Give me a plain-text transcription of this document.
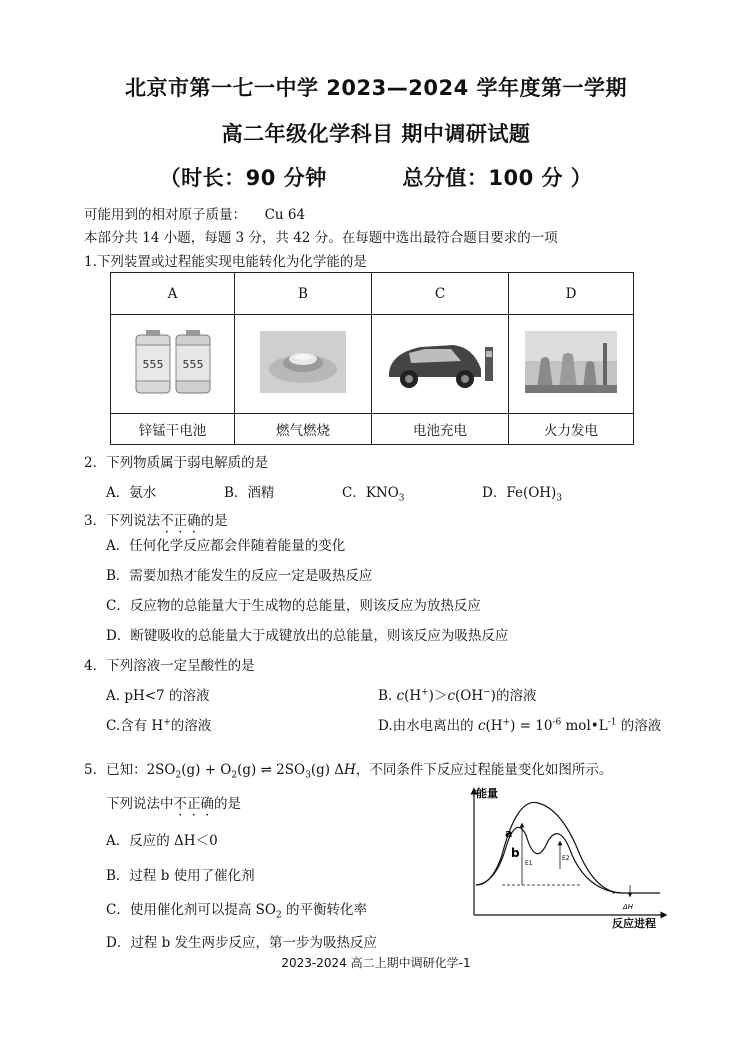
北京市第一七一中学 2023—2024 学年度第一学期
高二年级化学科目 期中调研试题
（时长：90 分钟	总分值：100 分 ）
可能用到的相对原子质量： Cu 64
本部分共 14 小题，每题 3 分，共 42 分。在每题中选出最符合题目要求的一项
1.下列装置或过程能实现电能转化为化学能的是
A	B	C	D

555 555

锌锰干电池	燃气燃烧	电池充电	火力发电
2．下列物质属于弱电解质的是
A．氨水	B．酒精	C．$KNO_3$	D．$Fe(OH)_3$
3．下列说法不正确的是
A．任何化学反应都会伴随着能量的变化
B．需要加热才能发生的反应一定是吸热反应
C．反应物的总能量大于生成物的总能量，则该反应为放热反应
D．断键吸收的总能量大于成键放出的总能量，则该反应为吸热反应
4．下列溶液一定呈酸性的是
A. pH<7 的溶液	B. c(H+)＞c(OH−)的溶液
C.含有 H+的溶液	D.由水电离出的 $c(H^+) = 10^{-6}$ $mol•L^{-1}$ 的溶液
5．已知：$2SO_2(g) + O_2(g)$ ⇌ $2SO_3(g)$ ΔH，不同条件下反应过程能量变化如图所示。
下列说法中不正确的是
A．反应的 ΔH＜0
B．过程 b 使用了催化剂
C．使用催化剂可以提高 $SO_2$ 的平衡转化率
D．过程 b 发生两步反应，第一步为吸热反应
能量
反应进程
a
b
E1
E2
ΔH
2023-2024 高二上期中调研化学-1
